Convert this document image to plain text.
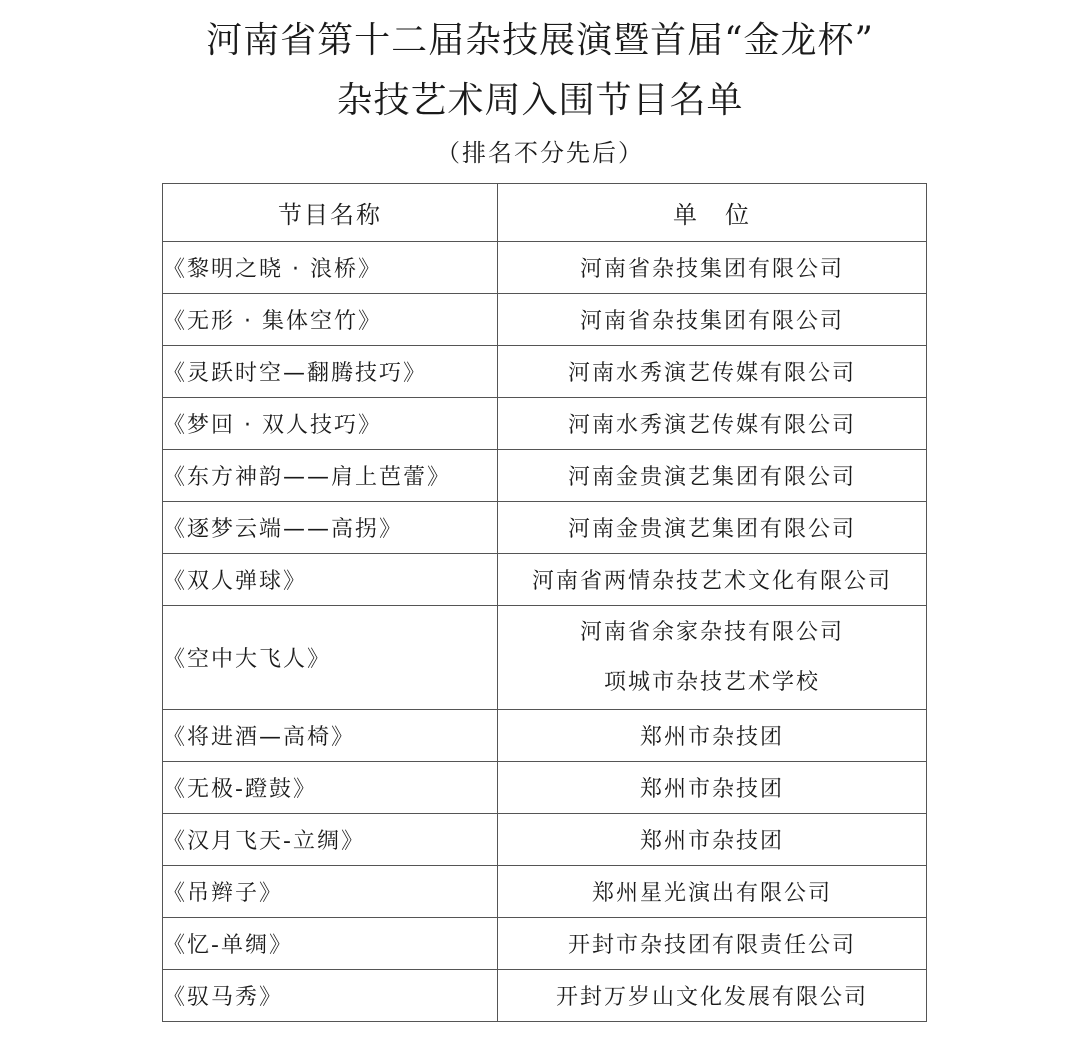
河南省第十二届杂技展演暨首届“金龙杯”
杂技艺术周入围节目名单
（排名不分先后）
节目名称	单　位
《黎明之晓 · 浪桥》	河南省杂技集团有限公司
《无形 · 集体空竹》	河南省杂技集团有限公司
《灵跃时空—翻腾技巧》	河南水秀演艺传媒有限公司
《梦回 · 双人技巧》	河南水秀演艺传媒有限公司
《东方神韵——肩上芭蕾》	河南金贵演艺集团有限公司
《逐梦云端——高拐》	河南金贵演艺集团有限公司
《双人弹球》	河南省两情杂技艺术文化有限公司
《空中大飞人》	河南省余家杂技有限公司
项城市杂技艺术学校

《将进酒—高椅》	郑州市杂技团
《无极-蹬鼓》	郑州市杂技团
《汉月飞天-立绸》	郑州市杂技团
《吊辫子》	郑州星光演出有限公司
《忆-单绸》	开封市杂技团有限责任公司
《驭马秀》	开封万岁山文化发展有限公司
